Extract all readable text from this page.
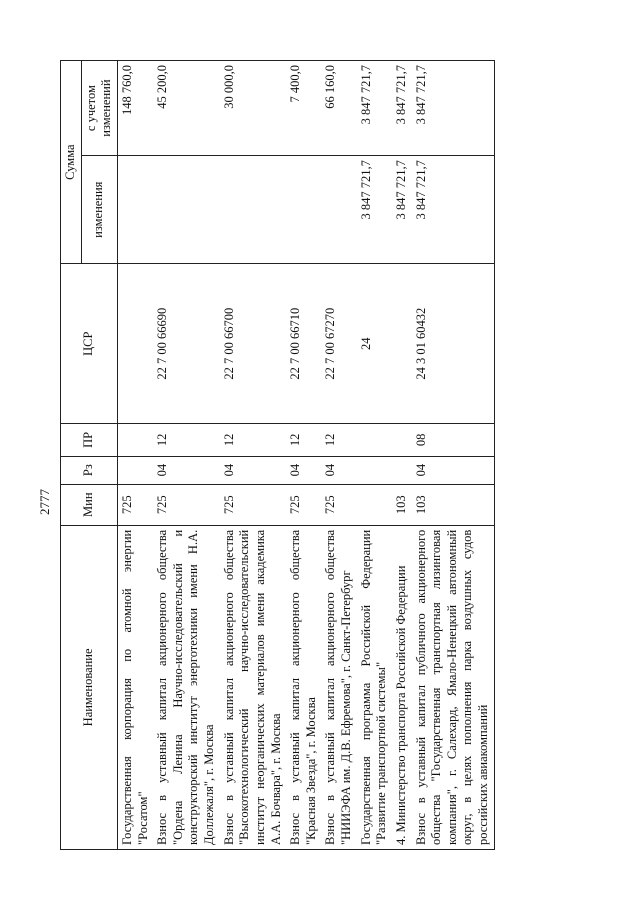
2777
Наименование	Мин	Рз	ПР	ЦСР	Сумма	
					изменения	с учетом изменений
Государственная корпорация по атомной энергии "Росатом"	725					148 760,0
Взнос в уставный капитал акционерного общества "Ордена Ленина Научно-исследовательский и конструкторский институт энерготехники имени Н.А. Доллежаля", г. Москва	725	04	12	22 7 00 66690		45 200,0
Взнос в уставный капитал акционерного общества "Высокотехнологический научно-исследовательский институт неорганических материалов имени академика А.А. Бочвара", г. Москва	725	04	12	22 7 00 66700		30 000,0
Взнос в уставный капитал акционерного общества "Красная Звезда", г. Москва	725	04	12	22 7 00 66710		7 400,0
Взнос в уставный капитал акционерного общества "НИИЭФА им. Д.В. Ефремова", г. Санкт-Петербург	725	04	12	22 7 00 67270		66 160,0
Государственная программа Российской Федерации "Развитие транспортной системы"				24	3 847 721,7	3 847 721,7
4. Министерство транспорта Российской Федерации	103				3 847 721,7	3 847 721,7
Взнос в уставный капитал публичного акционерного общества "Государственная транспортная лизинговая компания", г. Салехард, Ямало-Ненецкий автономный округ, в целях пополнения парка воздушных судов российских авиакомпаний	103	04	08	24 3 01 60432	3 847 721,7	3 847 721,7
